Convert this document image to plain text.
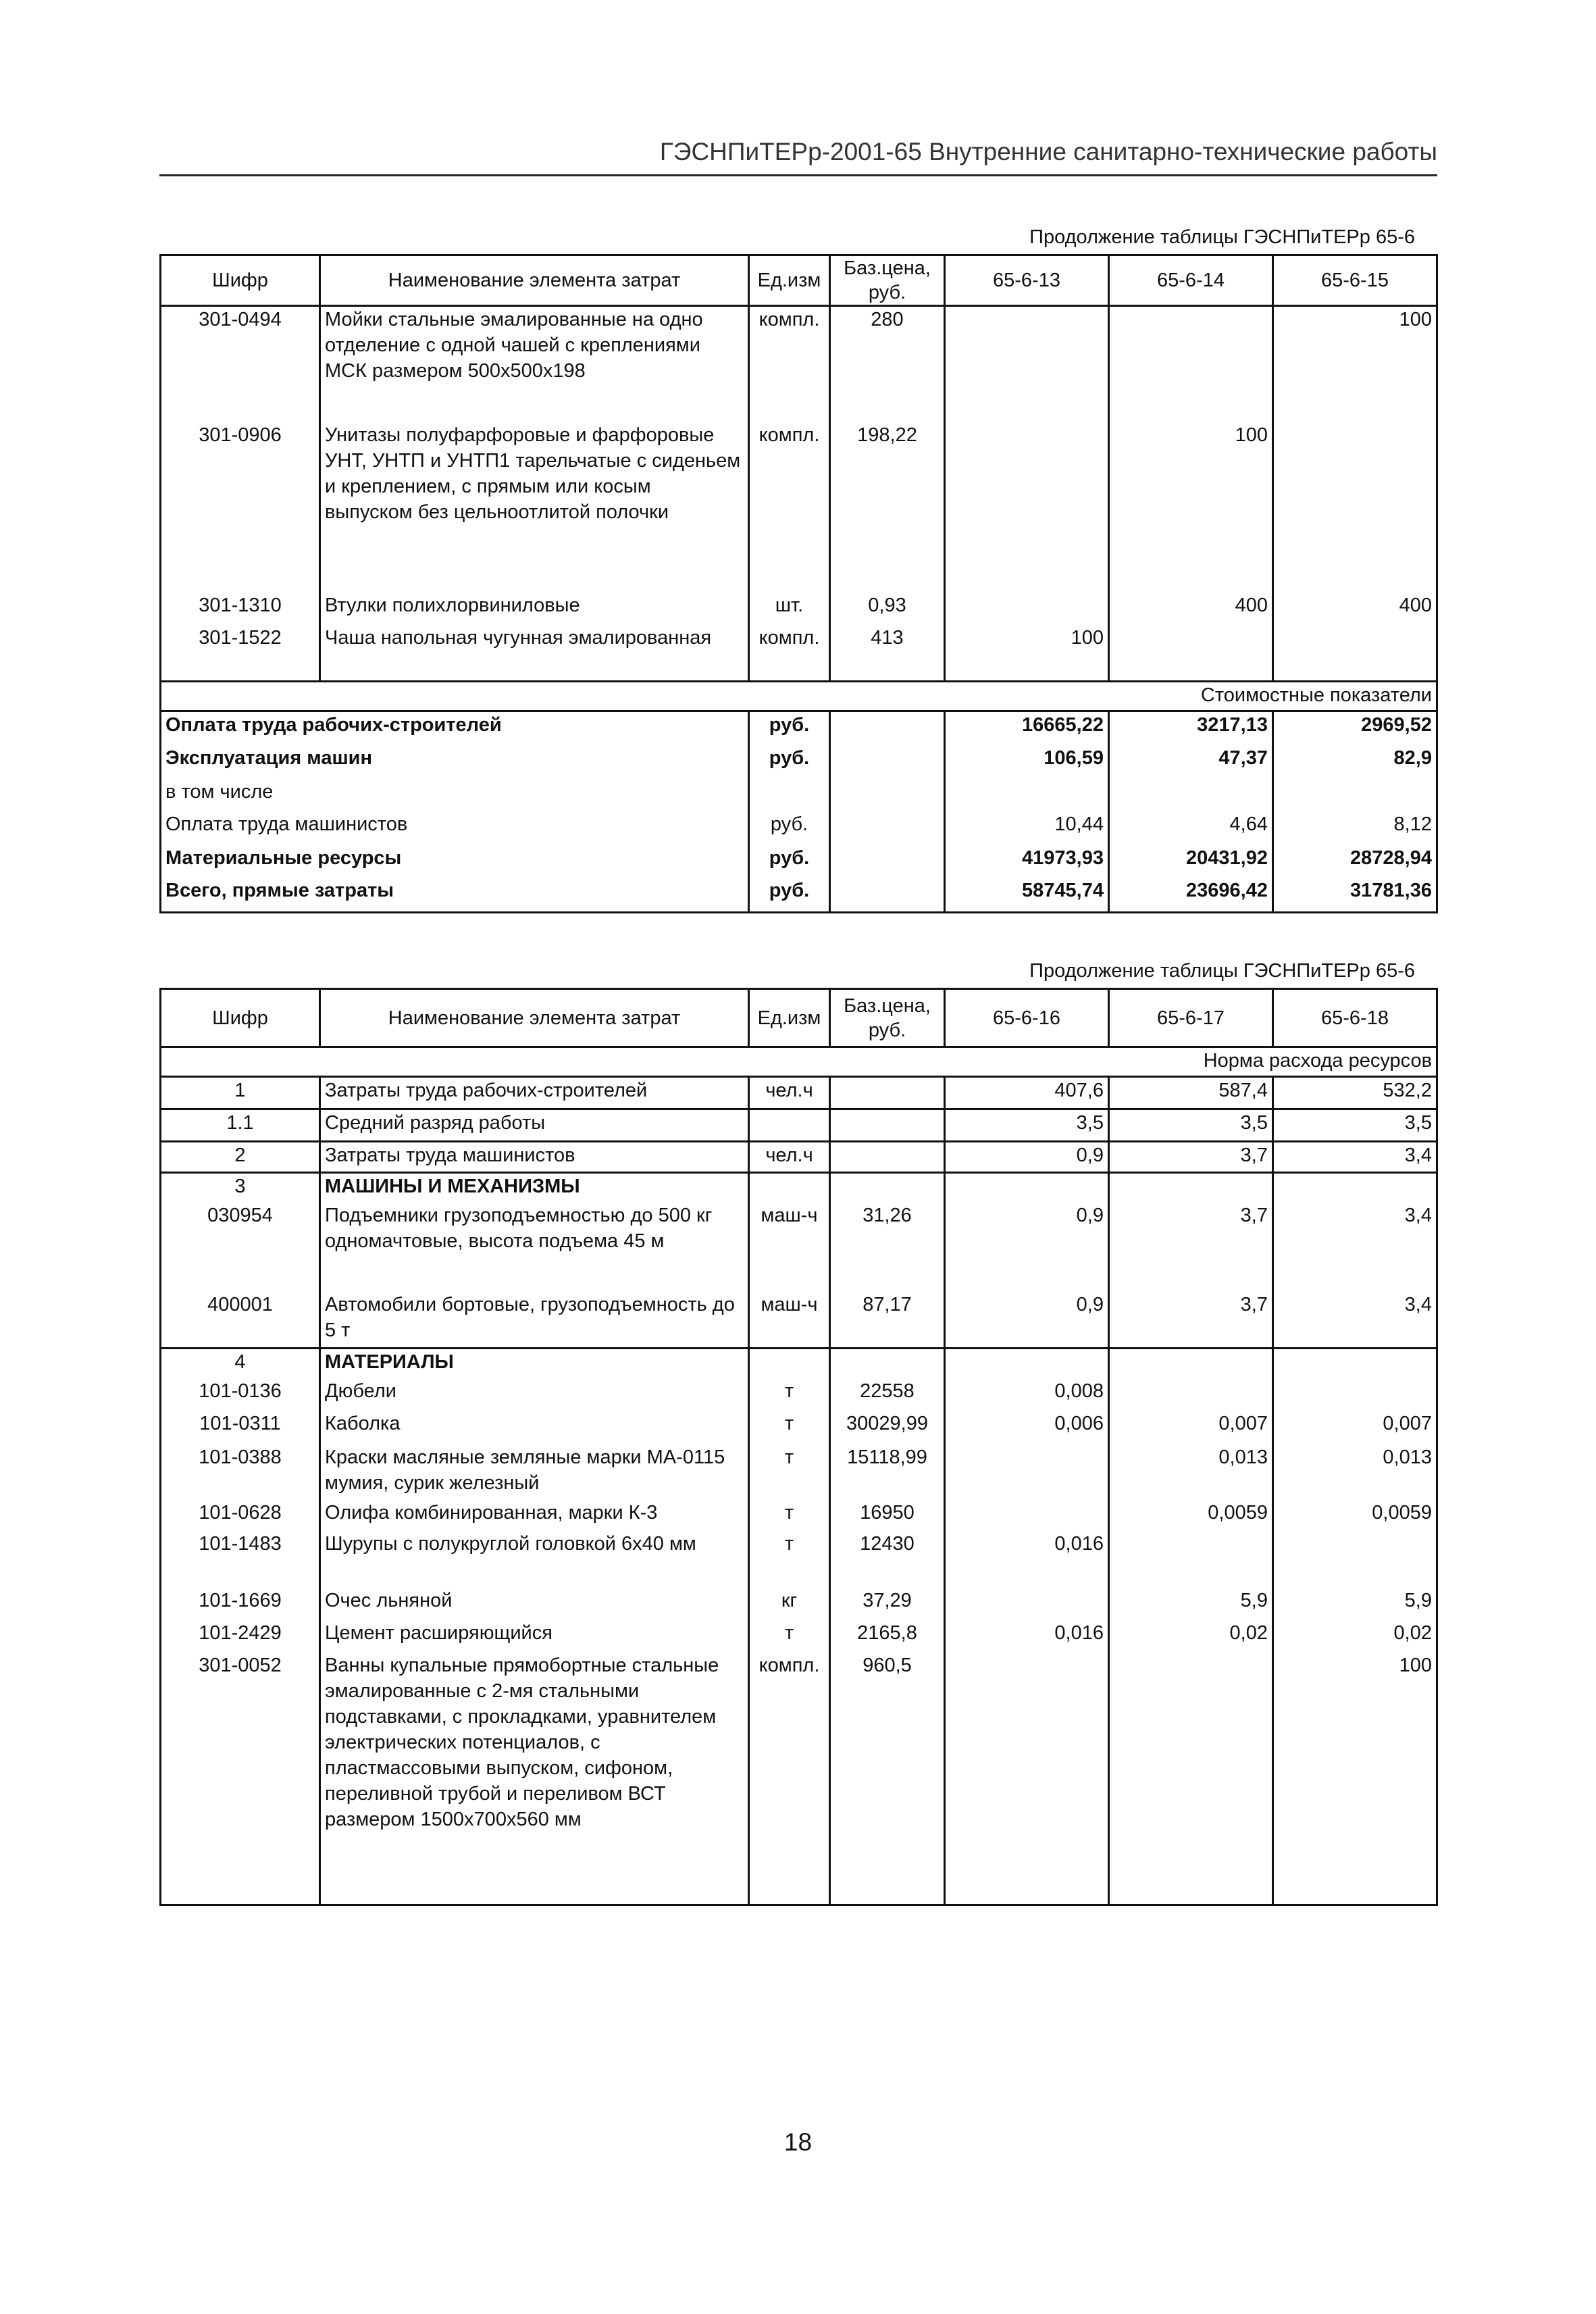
ГЭСНПиТЕРр-2001-65 Внутренние санитарно-технические работы
Продолжение таблицы ГЭСНПиТЕРр 65-6
Шифр	Наименование элемента затрат	Ед.изм	Баз.цена, руб.	65-6-13	65-6-14	65-6-15
301-0494	Мойки стальные эмалированные на одно отделение с одной чашей с креплениями МСК размером 500х500х198	компл.	280			100
301-0906	Унитазы полуфарфоровые и фарфоровые УНТ, УНТП и УНТП1 тарельчатые с сиденьем и креплением, с прямым или косым выпуском без цельноотлитой полочки	компл.	198,22		100	
301-1310	Втулки полихлорвиниловые	шт.	0,93		400	400
301-1522	Чаша напольная чугунная эмалированная	компл.	413	100		
Стоимостные показатели						
Оплата труда рабочих-строителей		руб.		16665,22	3217,13	2969,52
Эксплуатация машин		руб.		106,59	47,37	82,9
в том числе						
Оплата труда машинистов		руб.		10,44	4,64	8,12
Материальные ресурсы		руб.		41973,93	20431,92	28728,94
Всего, прямые затраты		руб.		58745,74	23696,42	31781,36
Продолжение таблицы ГЭСНПиТЕРр 65-6
Шифр	Наименование элемента затрат	Ед.изм	Баз.цена, руб.	65-6-16	65-6-17	65-6-18
Норма расхода ресурсов						
1	Затраты труда рабочих-строителей	чел.ч		407,6	587,4	532,2
1.1	Средний разряд работы			3,5	3,5	3,5
2	Затраты труда машинистов	чел.ч		0,9	3,7	3,4
3	МАШИНЫ И МЕХАНИЗМЫ					
030954	Подъемники грузоподъемностью до 500 кг одномачтовые, высота подъема 45 м	маш-ч	31,26	0,9	3,7	3,4
400001	Автомобили бортовые, грузоподъемность до 5 т	маш-ч	87,17	0,9	3,7	3,4
4	МАТЕРИАЛЫ					
101-0136	Дюбели	т	22558	0,008		
101-0311	Каболка	т	30029,99	0,006	0,007	0,007
101-0388	Краски масляные земляные марки МА-0115 мумия, сурик железный	т	15118,99		0,013	0,013
101-0628	Олифа комбинированная, марки К-3	т	16950		0,0059	0,0059
101-1483	Шурупы с полукруглой головкой 6х40 мм	т	12430	0,016		
101-1669	Очес льняной	кг	37,29		5,9	5,9
101-2429	Цемент расширяющийся	т	2165,8	0,016	0,02	0,02
301-0052	Ванны купальные прямобортные стальные эмалированные с 2-мя стальными подставками, с прокладками, уравнителем электрических потенциалов, с пластмассовыми выпуском, сифоном, переливной трубой и переливом ВСТ размером 1500х700х560 мм	компл.	960,5			100
18
